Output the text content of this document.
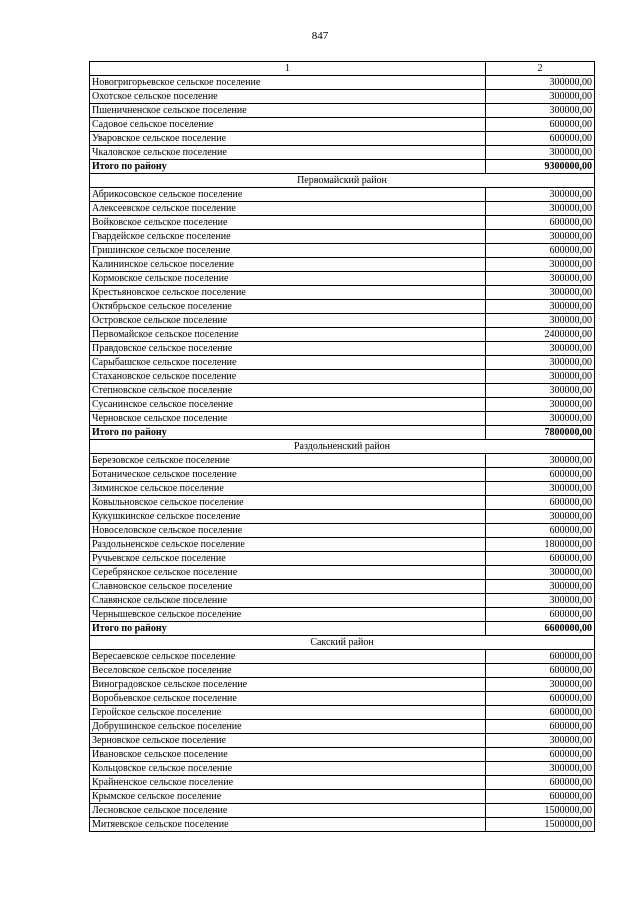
847
1	2
Новогригорьевское сельское поселение	300000,00
Охотское сельское поселение	300000,00
Пшеничненское сельское поселение	300000,00
Садовое сельское поселение	600000,00
Уваровское сельское поселение	600000,00
Чкаловское сельское поселение	300000,00
Итого по району	9300000,00
Первомайский район	
Абрикосовское сельское поселение	300000,00
Алексеевское сельское поселение	300000,00
Войковское сельское поселение	600000,00
Гвардейское сельское поселение	300000,00
Гришинское сельское поселение	600000,00
Калининское сельское поселение	300000,00
Кормовское сельское поселение	300000,00
Крестьяновское сельское поселение	300000,00
Октябрьское сельское поселение	300000,00
Островское сельское поселение	300000,00
Первомайское сельское поселение	2400000,00
Правдовское сельское поселение	300000,00
Сарыбашское сельское поселение	300000,00
Стахановское сельское поселение	300000,00
Степновское сельское поселение	300000,00
Сусанинское сельское поселение	300000,00
Черновское сельское поселение	300000,00
Итого по району	7800000,00
Раздольненский район	
Березовское сельское поселение	300000,00
Ботаническое сельское поселение	600000,00
Зиминское сельское поселение	300000,00
Ковыльновское сельское поселение	600000,00
Кукушкинское сельское поселение	300000,00
Новоселовское сельское поселение	600000,00
Раздольненское сельское поселение	1800000,00
Ручьевское сельское поселение	600000,00
Серебрянское сельское поселение	300000,00
Славновское сельское поселение	300000,00
Славянское сельское поселение	300000,00
Чернышевское сельское поселение	600000,00
Итого по району	6600000,00
Сакский район	
Вересаевское сельское поселение	600000,00
Веселовское сельское поселение	600000,00
Виноградовское сельское поселение	300000,00
Воробьевское сельское поселение	600000,00
Геройское сельское поселение	600000,00
Добрушинское сельское поселение	600000,00
Зерновское сельское поселение	300000,00
Ивановское сельское поселение	600000,00
Кольцовское сельское поселение	300000,00
Крайненское сельское поселение	600000,00
Крымское сельское поселение	600000,00
Лесновское сельское поселение	1500000,00
Митяевское сельское поселение	1500000,00
